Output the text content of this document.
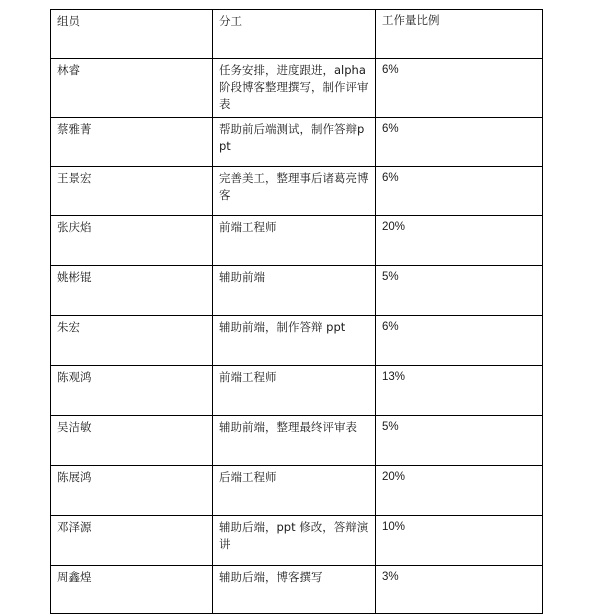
组员	分工	工作量比例
林睿	任务安排，进度跟进，alpha阶段博客整理撰写，制作评审表	6%
蔡雅菁	帮助前后端测试，制作答辩ppt	6%
王景宏	完善美工，整理事后诸葛亮博客	6%
张庆焰	前端工程师	20%
姚彬锟	辅助前端	5%
朱宏	辅助前端，制作答辩 ppt	6%
陈观鸿	前端工程师	13%
吴洁敏	辅助前端，整理最终评审表	5%
陈展鸿	后端工程师	20%
邓泽源	辅助后端，ppt 修改，答辩演讲	10%
周鑫煌	辅助后端，博客撰写	3%
